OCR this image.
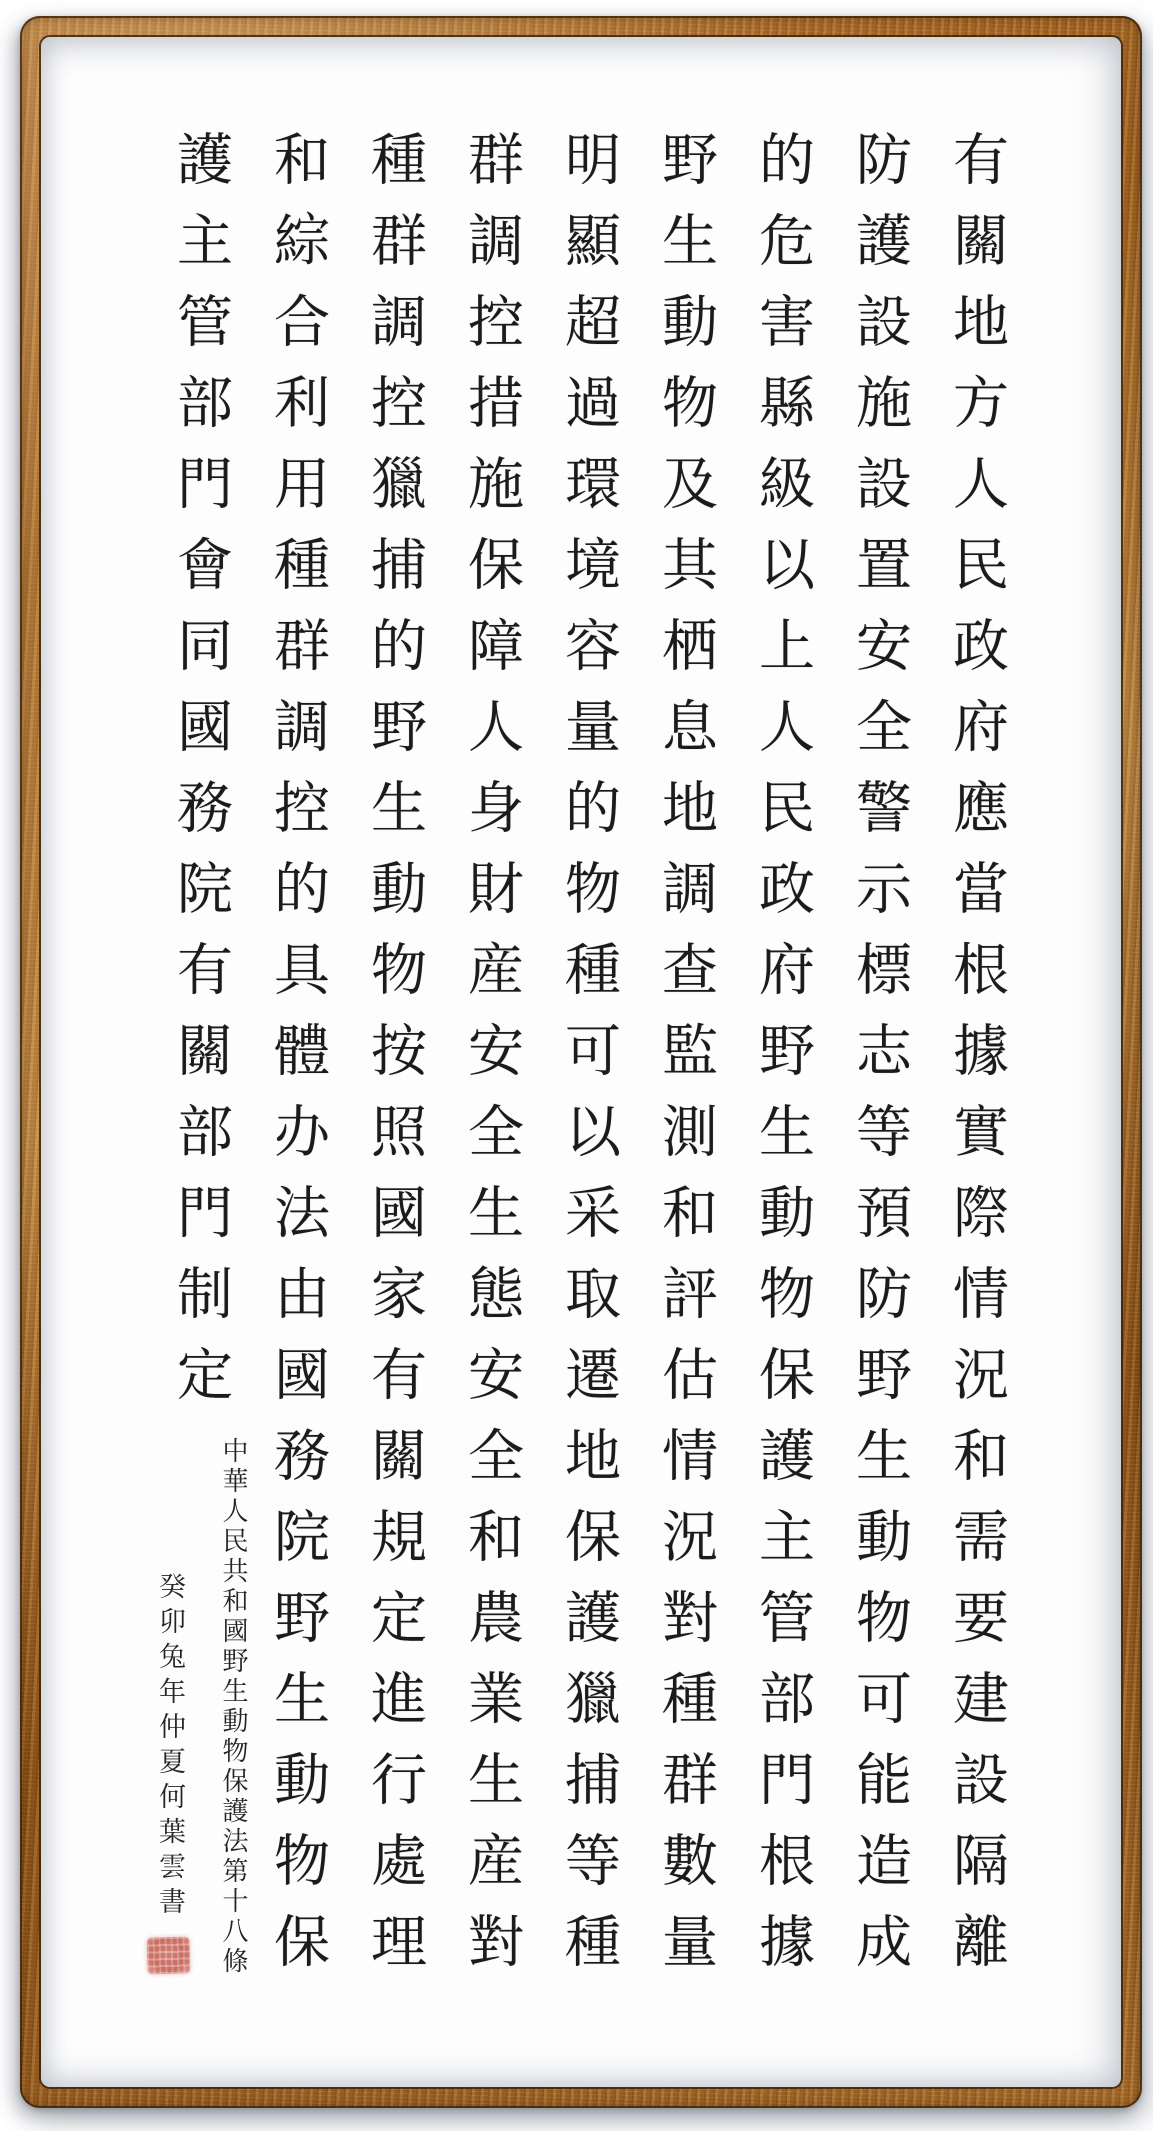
有關地方人民政府應當根據實際情況和需要建設隔離
防護設施設置安全警示標志等預防野生動物可能造成
的危害縣級以上人民政府野生動物保護主管部門根據
野生動物及其栖息地調查監測和評估情況對種群數量
明顯超過環境容量的物種可以采取遷地保護獵捕等種
群調控措施保障人身財産安全生態安全和農業生産對
種群調控獵捕的野生動物按照國家有關規定進行處理
和綜合利用種群調控的具體办法由國務院野生動物保
護主管部門會同國務院有關部門制定
中華人民共和國野生動物保護法第十八條
癸卯兔年仲夏何葉雲書
